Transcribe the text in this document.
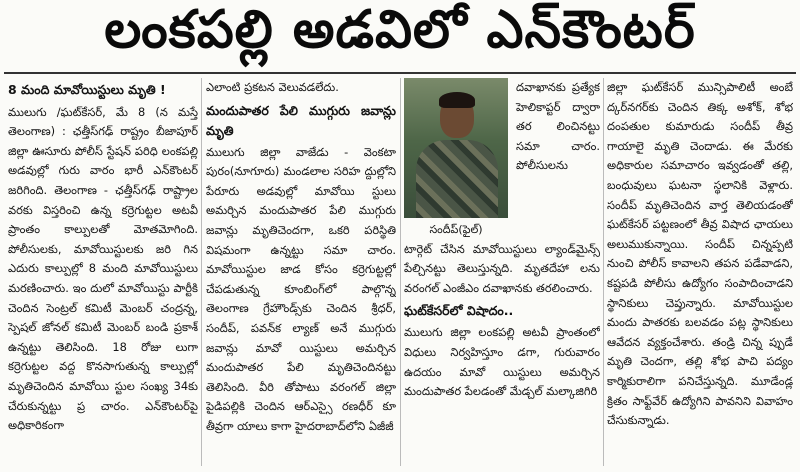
లంకపల్లి అడవిలో ఎన్‌కౌంటర్
8 మంది మావోయిస్టులు మృతి !

ములుగు /ఘట్‌కేసర్, మే 8 (న మస్తే తెలంగాణ) : ఛత్తీస్‌గఢ్ రాష్ట్రం బీజాపూర్ జిల్లా ఊసూరు పోలీస్ స్టేషన్ పరిధి లంకపల్లి అడవుల్లో గురు వారం భారీ ఎన్‌కౌంటర్ జరిగింది. తెలంగాణ - ఛత్తీస్‌గఢ్ రాష్ట్రాల వరకు విస్తరించి ఉన్న కర్రెగుట్టల అటవీ ప్రాంతం కాల్పులతో మోతమోగింది. పోలీసులకు, మావోయిస్టులకు జరి గిన ఎదురు కాల్పుల్లో 8 మంది మావోయిస్టులు మరణించారు. ఇం దులో మావోయిస్టు పార్టీకి చెందిన సెంట్రల్ కమిటీ మెంబర్ చంద్రన్న, స్పెషల్ జోనల్ కమిటీ మెంబర్ బండి ప్రకాశ్ ఉన్నట్టు తెలిసింది. 18 రోజు లుగా కర్రెగుట్టల వద్ద కొనసాగుతున్న కాల్పుల్లో మృతిచెందిన మావోయి స్టుల సంఖ్య 34కు చేరుకున్నట్టు ప్ర చారం. ఎన్‌కౌంటర్‌పై అధికారికంగా

ఎలాంటి ప్రకటన వెలువడలేదు.

మందుపాతర పేలి ముగ్గురు జవాన్లు మృతి

ములుగు జిల్లా వాజేడు - వెంకటా పురం(నూగూరు) మండలాల సరిహ ద్దుల్లోని పేరూరు అడవుల్లో మావోయి స్టులు అమర్చిన మందుపాతర పేలి ముగ్గురు జవాన్లు మృతిచెందగా, ఒకరి పరిస్థితి విషమంగా ఉన్నట్టు సమా చారం. మావోయిస్టుల జాడ కోసం కర్రెగుట్టల్లో చేపడుతున్న కూంబింగ్‌లో పాల్గొన్న తెలంగాణ గ్రేహౌండ్స్‌కు చెందిన శ్రీధర్, సందీప్, పవన్‌క ల్యాణ్ అనే ముగ్గురు జవాన్లు మావో యిస్టులు అమర్చిన మందుపాతర పేలి మృతిచెందినట్టు తెలిసింది. వీరి తోపాటు వరంగల్ జిల్లా పైడిపల్లికి చెందిన ఆర్‌ఎస్సై రణధీర్ కూ తీవ్రగా యాలు కాగా హైదరాబాద్‌లోని ఏజీజీ

సందీప్(ఫైల్)

దవాఖానకు ప్రత్యేక హెలికాప్టర్ ద్వారా తర లించినట్టు సమా చారం. పోలీసులను

టార్గెట్ చేసిన మావోయిస్టులు ల్యాండ్‌మైన్స్ పేల్చినట్టు తెలుస్తున్నది. మృతదేహా లను వరంగల్ ఎంజీఎం దవాఖానకు తరలించారు.

ఘట్‌కేసర్‌లో విషాదం..

ములుగు జిల్లా లంకపల్లి అటవీ ప్రాంతంలో విధులు నిర్వహిస్తూం డగా, గురువారం ఉదయం మావో యిస్టులు అమర్చిన మందుపాతర పేలడంతో మేడ్చల్ మల్కాజిగిరి

జిల్లా ఘట్‌కేసర్ మున్సిపాలిటీ అంబే ద్కర్‌నగర్‌కు చెందిన తిక్క అశోక్, శోభ దంపతుల కుమారుడు సందీప్ తీవ్ర గాయాలై మృతి చెందాడు. ఈ మేరకు అధికారుల సమాచారం ఇవ్వడంతో తల్లి, బంధువులు ఘటనా స్థలానికి వెళ్లారు. సందీప్ మృతిచెందిన వార్త తెలియడంతో ఘట్‌కేసర్ పట్టణంలో తీవ్ర విషాద ఛాయలు అలుముకున్నాయి. సందీప్ చిన్నప్పటి నుంచి పోలీస్ కావాలని తపన పడేవాడని, కష్టపడి పోలీసు ఉద్యోగం సంపాదించాడని స్థానికులు చెప్తున్నారు. మావోయిస్టుల మందు పాతరకు బలవడం పట్ల స్థానికులు ఆవేదన వ్యక్తంచేశారు. తండ్రి చిన్న ప్పుడే మృతి చెందగా, తల్లి శోభ పాచి పద్యం కార్మికురాలిగా పనిచేస్తున్నది. మూడేండ్ల క్రితం సాఫ్ట్‌వేర్ ఉద్యోగిని పావనిని వివాహం చేసుకున్నాడు.
